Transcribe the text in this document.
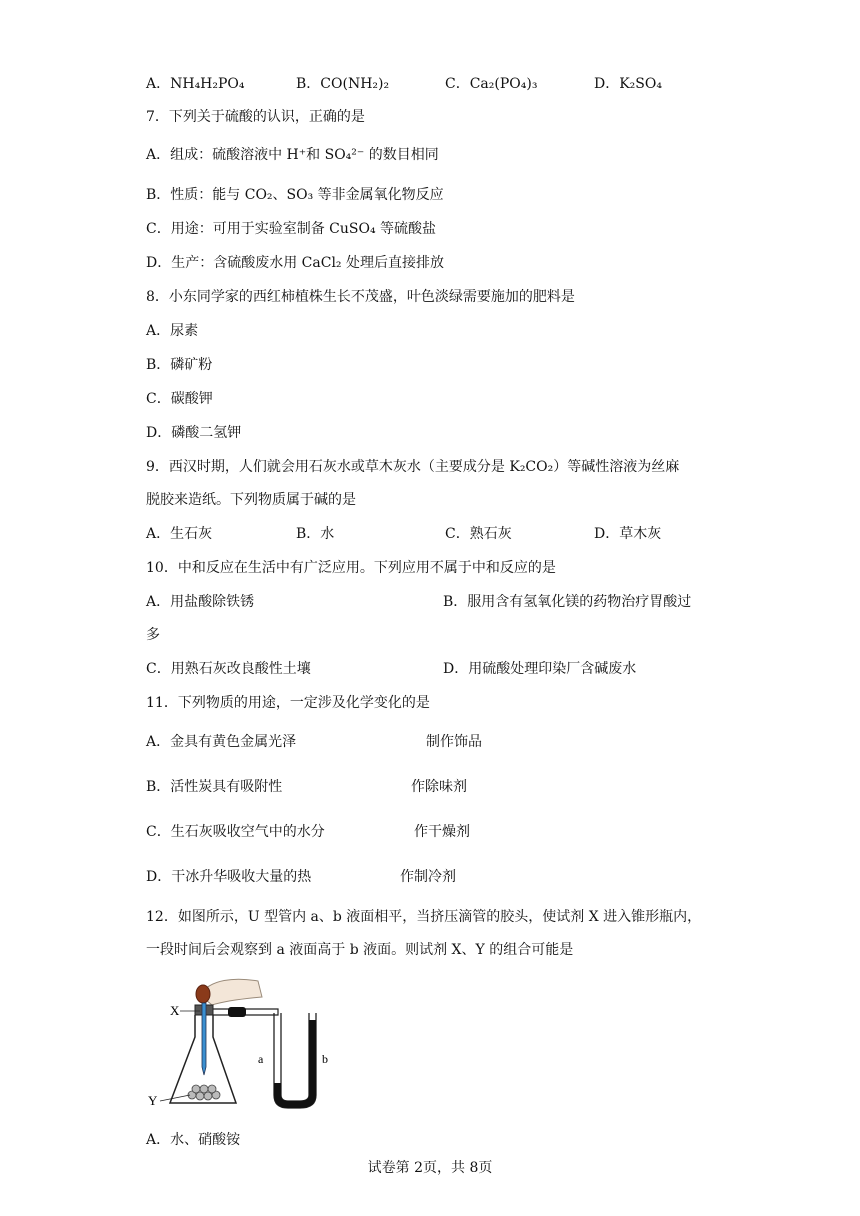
A．NH₄H₂PO₄	B．CO(NH₂)₂	C．Ca₂(PO₄)₃	D．K₂SO₄
7．下列关于硫酸的认识，正确的是
A．组成：硫酸溶液中 H⁺和 SO₄²⁻ 的数目相同
B．性质：能与 CO₂、SO₃ 等非金属氧化物反应
C．用途：可用于实验室制备 CuSO₄ 等硫酸盐
D．生产：含硫酸废水用 CaCl₂ 处理后直接排放
8．小东同学家的西红柿植株生长不茂盛，叶色淡绿需要施加的肥料是
A．尿素
B．磷矿粉
C．碳酸钾
D．磷酸二氢钾
9．西汉时期，人们就会用石灰水或草木灰水（主要成分是 K₂CO₂）等碱性溶液为丝麻
脱胶来造纸。下列物质属于碱的是
A．生石灰	B．水	C．熟石灰	D．草木灰
10．中和反应在生活中有广泛应用。下列应用不属于中和反应的是
A．用盐酸除铁锈	B．服用含有氢氧化镁的药物治疗胃酸过
多
C．用熟石灰改良酸性土壤	D．用硫酸处理印染厂含碱废水
11．下列物质的用途，一定涉及化学变化的是
A．金具有黄色金属光泽	制作饰品
B．活性炭具有吸附性	作除味剂
C．生石灰吸收空气中的水分	作干燥剂
D．干冰升华吸收大量的热	作制冷剂
12．如图所示，U 型管内 a、b 液面相平，当挤压滴管的胶头，使试剂 X 进入锥形瓶内，
一段时间后会观察到 a 液面高于 b 液面。则试剂 X、Y 的组合可能是
X
Y
a	b
A．水、硝酸铵
试卷第 2页，共 8页
